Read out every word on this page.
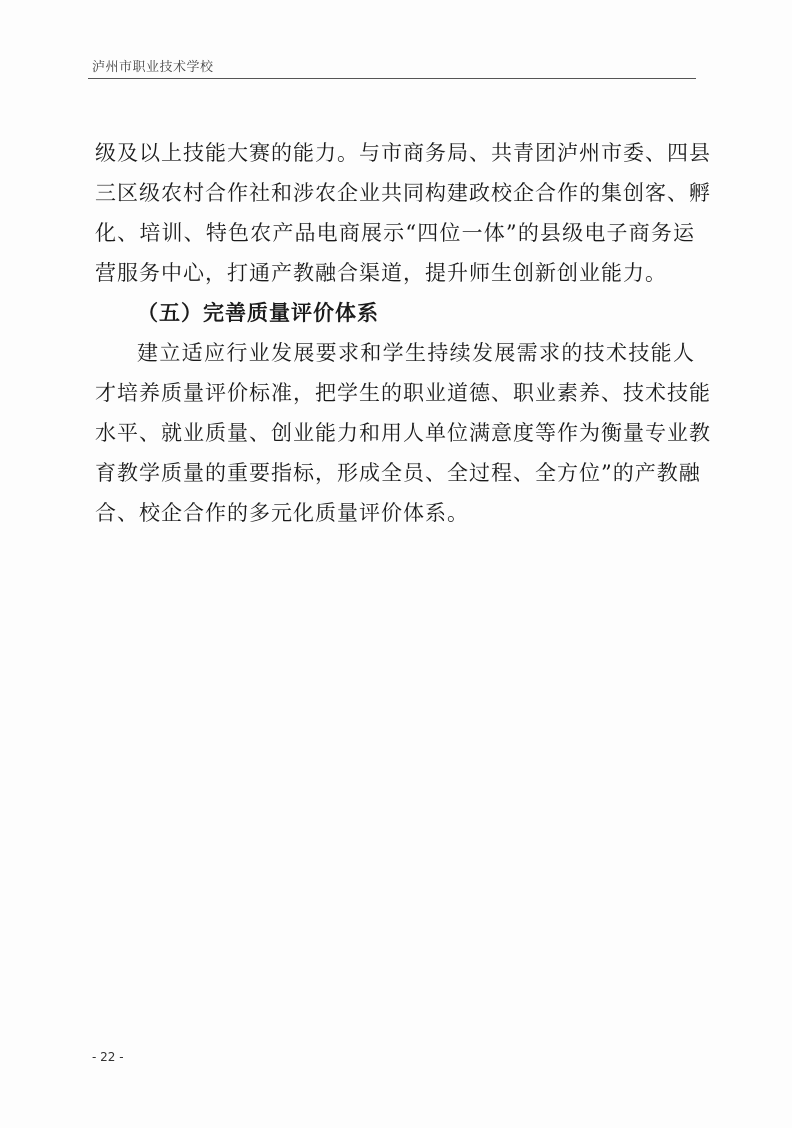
泸州市职业技术学校
级及以上技能大赛的能力。与市商务局、共青团泸州市委、四县
三区级农村合作社和涉农企业共同构建政校企合作的集创客、孵
化、培训、特色农产品电商展示“四位一体”的县级电子商务运
营服务中心，打通产教融合渠道，提升师生创新创业能力。
（五）完善质量评价体系
建立适应行业发展要求和学生持续发展需求的技术技能人
才培养质量评价标准，把学生的职业道德、职业素养、技术技能
水平、就业质量、创业能力和用人单位满意度等作为衡量专业教
育教学质量的重要指标，形成全员、全过程、全方位”的产教融
合、校企合作的多元化质量评价体系。
- 22 -
